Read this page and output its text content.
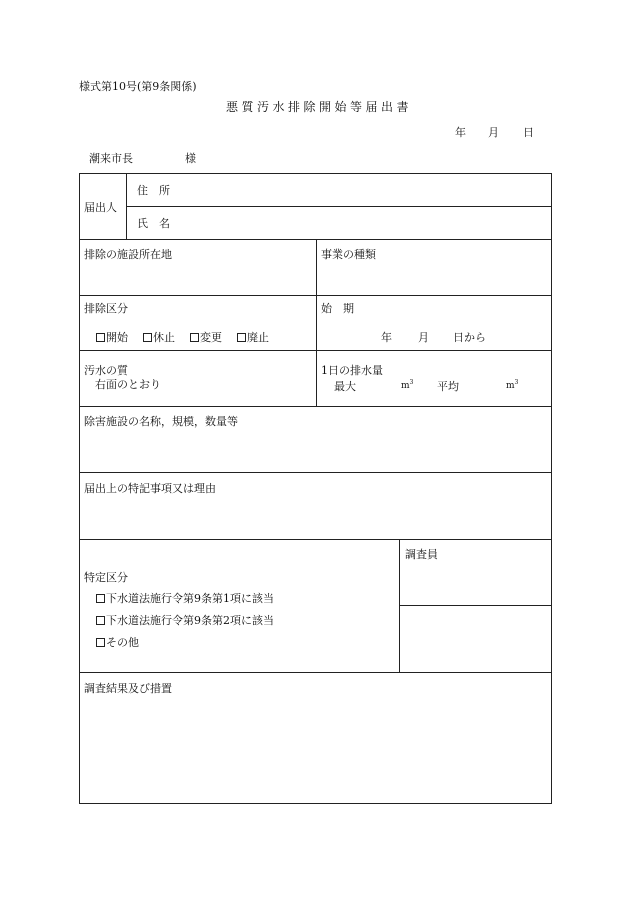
様式第10号(第9条関係)
悪質汚水排除開始等届出書
年 月 日
潮来市長	様
届出人
住　所
氏　名
排除の施設所在地	事業の種類
排除区分
開始	休止	変更	廃止
始　期
年 月 日から
汚水の質
右面のとおり
1日の排水量
最大	$m^3$ 平均	$m^3$
除害施設の名称，規模，数量等
届出上の特記事項又は理由
特定区分
下水道法施行令第9条第1項に該当
下水道法施行令第9条第2項に該当
その他
調査員
調査結果及び措置
